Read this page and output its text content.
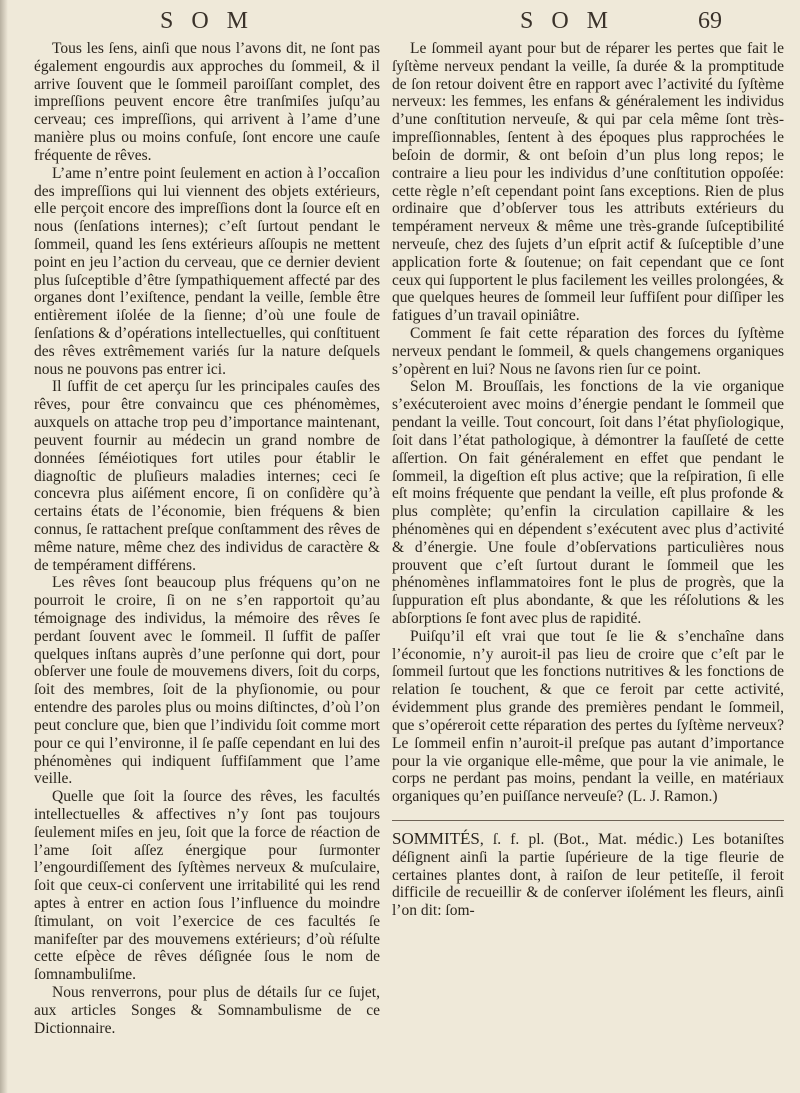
S O M	S O M	69

Tous les ſens, ainſi que nous l’avons dit, ne ſont pas également engourdis aux approches du ſommeil, & il arrive ſouvent que le ſommeil paroiſſant complet, des impreſſions peuvent encore être tranſmiſes juſqu’au cerveau; ces impreſſions, qui arrivent à l’ame d’une manière plus ou moins confuſe, ſont encore une cauſe fréquente de rêves.

L’ame n’entre point ſeulement en action à l’occaſion des impreſſions qui lui viennent des objets extérieurs, elle perçoit encore des impreſſions dont la ſource eſt en nous (ſenſations internes); c’eſt ſurtout pendant le ſommeil, quand les ſens extérieurs aſſoupis ne mettent point en jeu l’action du cerveau, que ce dernier devient plus ſuſceptible d’être ſympathiquement affecté par des organes dont l’exiſtence, pendant la veille, ſemble être entièrement iſolée de la ſienne; d’où une foule de ſenſations & d’opérations intellectuelles, qui conſtituent des rêves extrêmement variés ſur la nature deſquels nous ne pouvons pas entrer ici.

Il ſuffit de cet aperçu ſur les principales cauſes des rêves, pour être convaincu que ces phénomèmes, auxquels on attache trop peu d’importance maintenant, peuvent fournir au médecin un grand nombre de données ſéméiotiques fort utiles pour établir le diagnoſtic de pluſieurs maladies internes; ceci ſe concevra plus aiſément encore, ſi on conſidère qu’à certains états de l’économie, bien fréquens & bien connus, ſe rattachent preſque conſtamment des rêves de même nature, même chez des individus de caractère & de tempérament différens.

Les rêves ſont beaucoup plus fréquens qu’on ne pourroit le croire, ſi on ne s’en rapportoit qu’au témoignage des individus, la mémoire des rêves ſe perdant ſouvent avec le ſommeil. Il ſuffit de paſſer quelques inſtans auprès d’une perſonne qui dort, pour obſerver une foule de mouvemens divers, ſoit du corps, ſoit des membres, ſoit de la phyſionomie, ou pour entendre des paroles plus ou moins diſtinctes, d’où l’on peut conclure que, bien que l’individu ſoit comme mort pour ce qui l’environne, il ſe paſſe cependant en lui des phénomènes qui indiquent ſuffiſamment que l’ame veille.

Quelle que ſoit la ſource des rêves, les facultés intellectuelles & affectives n’y ſont pas toujours ſeulement miſes en jeu, ſoit que la force de réaction de l’ame ſoit aſſez énergique pour ſurmonter l’engourdiſſement des ſyſtèmes nerveux & muſculaire, ſoit que ceux-ci conſervent une irritabilité qui les rend aptes à entrer en action ſous l’influence du moindre ſtimulant, on voit l’exercice de ces facultés ſe manifeſter par des mouvemens extérieurs; d’où réſulte cette eſpèce de rêves déſignée ſous le nom de ſomnambuliſme.

Nous renverrons, pour plus de détails ſur ce ſujet, aux articles Songes & Somnambulisme de ce Dictionnaire.

Le ſommeil ayant pour but de réparer les pertes que fait le ſyſtème nerveux pendant la veille, ſa durée & la promptitude de ſon retour doivent être en rapport avec l’activité du ſyſtème nerveux: les femmes, les enfans & généralement les individus d’une conſtitution nerveuſe, & qui par cela même ſont très-impreſſionnables, ſentent à des époques plus rapprochées le beſoin de dormir, & ont beſoin d’un plus long repos; le contraire a lieu pour les individus d’une conſtitution oppoſée: cette règle n’eſt cependant point ſans exceptions. Rien de plus ordinaire que d’obſerver tous les attributs extérieurs du tempérament nerveux & même une très-grande ſuſceptibilité nerveuſe, chez des ſujets d’un eſprit actif & ſuſceptible d’une application forte & ſoutenue; on fait cependant que ce ſont ceux qui ſupportent le plus facilement les veilles prolongées, & que quelques heures de ſommeil leur ſuffiſent pour diſſiper les fatigues d’un travail opiniâtre.

Comment ſe fait cette réparation des forces du ſyſtème nerveux pendant le ſommeil, & quels changemens organiques s’opèrent en lui? Nous ne ſavons rien ſur ce point.

Selon M. Brouſſais, les fonctions de la vie organique s’exécuteroient avec moins d’énergie pendant le ſommeil que pendant la veille. Tout concourt, ſoit dans l’état phyſiologique, ſoit dans l’état pathologique, à démontrer la fauſſeté de cette aſſertion. On fait généralement en effet que pendant le ſommeil, la digeſtion eſt plus active; que la reſpiration, ſi elle eſt moins fréquente que pendant la veille, eſt plus profonde & plus complète; qu’enfin la circulation capillaire & les phénomènes qui en dépendent s’exécutent avec plus d’activité & d’énergie. Une foule d’obſervations particulières nous prouvent que c’eſt ſurtout durant le ſommeil que les phénomènes inflammatoires font le plus de progrès, que la ſuppuration eſt plus abondante, & que les réſolutions & les abſorptions ſe font avec plus de rapidité.

Puiſqu’il eſt vrai que tout ſe lie & s’enchaîne dans l’économie, n’y auroit-il pas lieu de croire que c’eſt par le ſommeil ſurtout que les fonctions nutritives & les fonctions de relation ſe touchent, & que ce feroit par cette activité, évidemment plus grande des premières pendant le ſommeil, que s’opéreroit cette réparation des pertes du ſyſtème nerveux? Le ſommeil enfin n’auroit-il preſque pas autant d’importance pour la vie organique elle-même, que pour la vie animale, le corps ne perdant pas moins, pendant la veille, en matériaux organiques qu’en puiſſance nerveuſe? (L. J. Ramon.)

SOMMITÉS, ſ. f. pl. (Bot., Mat. médic.) Les botaniſtes déſignent ainſi la partie ſupérieure de la tige fleurie de certaines plantes dont, à raiſon de leur petiteſſe, il feroit difficile de recueillir & de conſerver iſolément les fleurs, ainſi l’on dit: ſom-
